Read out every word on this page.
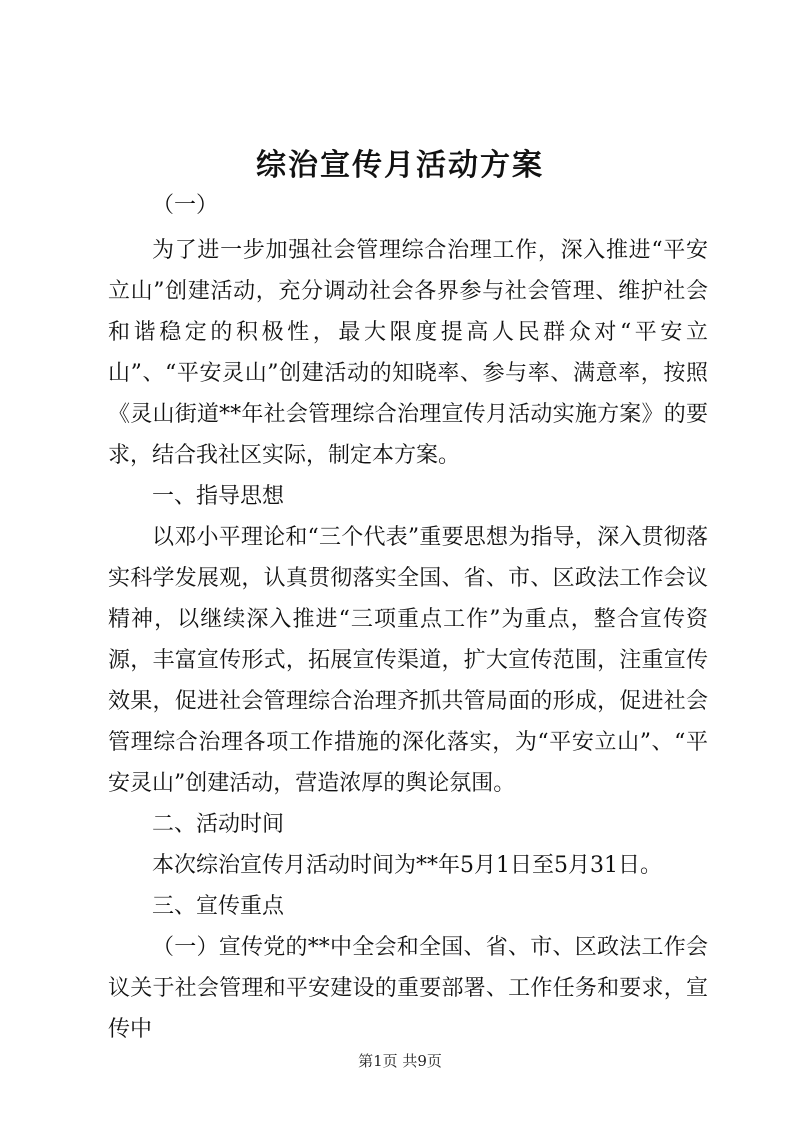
综治宣传月活动方案

（一）

为了进一步加强社会管理综合治理工作，深入推进“平安立山”创建活动，充分调动社会各界参与社会管理、维护社会和谐稳定的积极性，最大限度提高人民群众对“平安立山”、“平安灵山”创建活动的知晓率、参与率、满意率，按照《灵山街道**年社会管理综合治理宣传月活动实施方案》的要求，结合我社区实际，制定本方案。

一、指导思想

以邓小平理论和“三个代表”重要思想为指导，深入贯彻落实科学发展观，认真贯彻落实全国、省、市、区政法工作会议精神，以继续深入推进“三项重点工作”为重点，整合宣传资源，丰富宣传形式，拓展宣传渠道，扩大宣传范围，注重宣传效果，促进社会管理综合治理齐抓共管局面的形成，促进社会管理综合治理各项工作措施的深化落实，为“平安立山”、“平安灵山”创建活动，营造浓厚的舆论氛围。

二、活动时间

本次综治宣传月活动时间为**年5月1日至5月31日。

三、宣传重点

（一）宣传党的**中全会和全国、省、市、区政法工作会议关于社会管理和平安建设的重要部署、工作任务和要求，宣传中

第1页 共9页
